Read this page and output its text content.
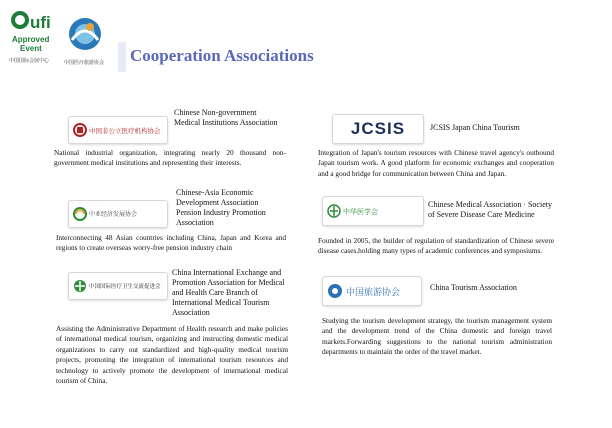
ufi
Approved
Event
中国国际会展中心	中国医疗旅游协会 Cooperation Associations
中国非公立医疗机构协会
Chinese Non-government Medical Institutions Association
National industrial organization, integrating nearly 20 thousand non-government medical institutions and representing their interests.
JCSIS	JCSIS Japan China Tourism
Integration of Japan's tourism resources with Chinese travel agency's outbound Japan tourism work. A good platform for economic exchanges and cooperation and a good bridge for communication between China and Japan.
中亚经济发展协会
Chinese-Asia Economic Development Association Pension Industry Promotion Association
Interconnecting 48 Asian countries including China, Japan and Korea and regions to create overseas worry-free pension industry chain
中华医学会
Chinese Medical Association · Society of Severe Disease Care Medicine
Founded in 2005, the builder of regulation of standardization of Chinese severe disease cases,holding many types of academic conferences and symposiums.
中国国际医疗卫生交流促进会
China International Exchange and Promotion Association for Medical and Health Care Branch of International Medical Tourism Association
Assisting the Administrative Department of Health research and make policies of international medical tourism, organizing and instructing domestic medical organizations to carry out standardized and high-quality medical tourism projects, promoting the integration of international tourism resources and technology to actively promote the development of international medical tourism of China.
中国旅游协会
China Tourism Association
Studying the tourism development strategy, the tourism management system and the development trend of the China domestic and foreign travel markets.Forwarding suggestions to the national tourism administration departments to maintain the order of the travel market.
